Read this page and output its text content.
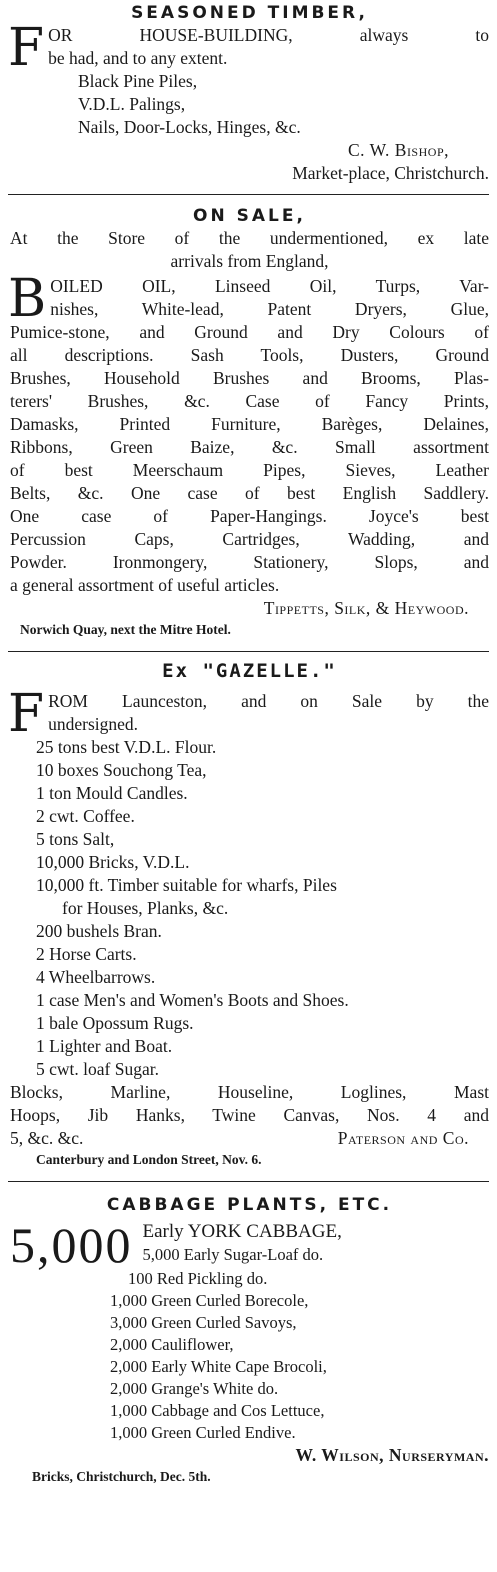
SEASONED TIMBER,
F OR HOUSE-BUILDING, always to
be had, and to any extent.
Black Pine Piles,
V.D.L. Palings,
Nails, Door-Locks, Hinges, &c.
C. W. Bishop,
Market-place, Christchurch.
ON SALE,
At the Store of the undermentioned, ex late
arrivals from England,
B OILED OIL, Linseed Oil, Turps, Var-
nishes, White-lead, Patent Dryers, Glue,
Pumice-stone, and Ground and Dry Colours of
all descriptions. Sash Tools, Dusters, Ground
Brushes, Household Brushes and Brooms, Plas-
terers' Brushes, &c. Case of Fancy Prints,
Damasks, Printed Furniture, Barèges, Delaines,
Ribbons, Green Baize, &c. Small assortment
of best Meerschaum Pipes, Sieves, Leather
Belts, &c. One case of best English Saddlery.
One case of Paper-Hangings. Joyce's best
Percussion Caps, Cartridges, Wadding, and
Powder. Ironmongery, Stationery, Slops, and
a general assortment of useful articles.
Tippetts, Silk, & Heywood.
Norwich Quay, next the Mitre Hotel.
Ex "GAZELLE."
F ROM Launceston, and on Sale by the
undersigned.
25 tons best V.D.L. Flour.
10 boxes Souchong Tea,
1 ton Mould Candles.
2 cwt. Coffee.
5 tons Salt,
10,000 Bricks, V.D.L.
10,000 ft. Timber suitable for wharfs, Piles
for Houses, Planks, &c.
200 bushels Bran.
2 Horse Carts.
4 Wheelbarrows.
1 case Men's and Women's Boots and Shoes.
1 bale Opossum Rugs.
1 Lighter and Boat.
5 cwt. loaf Sugar.
Blocks, Marline, Houseline, Loglines, Mast
Hoops, Jib Hanks, Twine Canvas, Nos. 4 and
5, &c. &c.	Paterson and Co.
Canterbury and London Street, Nov. 6.
CABBAGE PLANTS, ETC.
5,000 Early YORK CABBAGE,
5,000 Early Sugar-Loaf do.
100 Red Pickling do.
1,000 Green Curled Borecole,
3,000 Green Curled Savoys,
2,000 Cauliflower,
2,000 Early White Cape Brocoli,
2,000 Grange's White do.
1,000 Cabbage and Cos Lettuce,
1,000 Green Curled Endive.
W. Wilson, Nurseryman.
Bricks, Christchurch, Dec. 5th.
